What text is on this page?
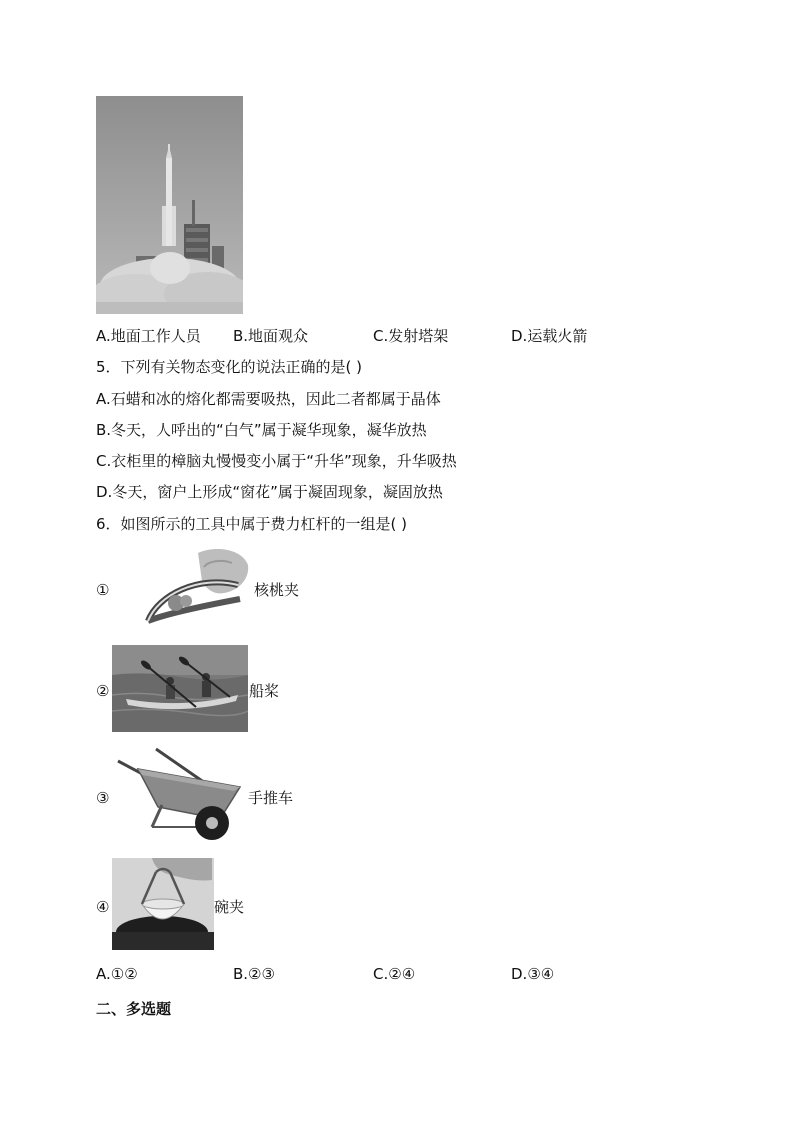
A.地面工作人员 B.地面观众	C.发射塔架	D.运载火箭
5．下列有关物态变化的说法正确的是( )
A.石蜡和冰的熔化都需要吸热，因此二者都属于晶体
B.冬天，人呼出的“白气”属于凝华现象，凝华放热
C.衣柜里的樟脑丸慢慢变小属于“升华”现象，升华吸热
D.冬天，窗户上形成“窗花”属于凝固现象，凝固放热
6．如图所示的工具中属于费力杠杆的一组是( )
①	核桃夹
②	船桨
③	手推车
④	碗夹
A.①②	B.②③	C.②④	D.③④
二、多选题
